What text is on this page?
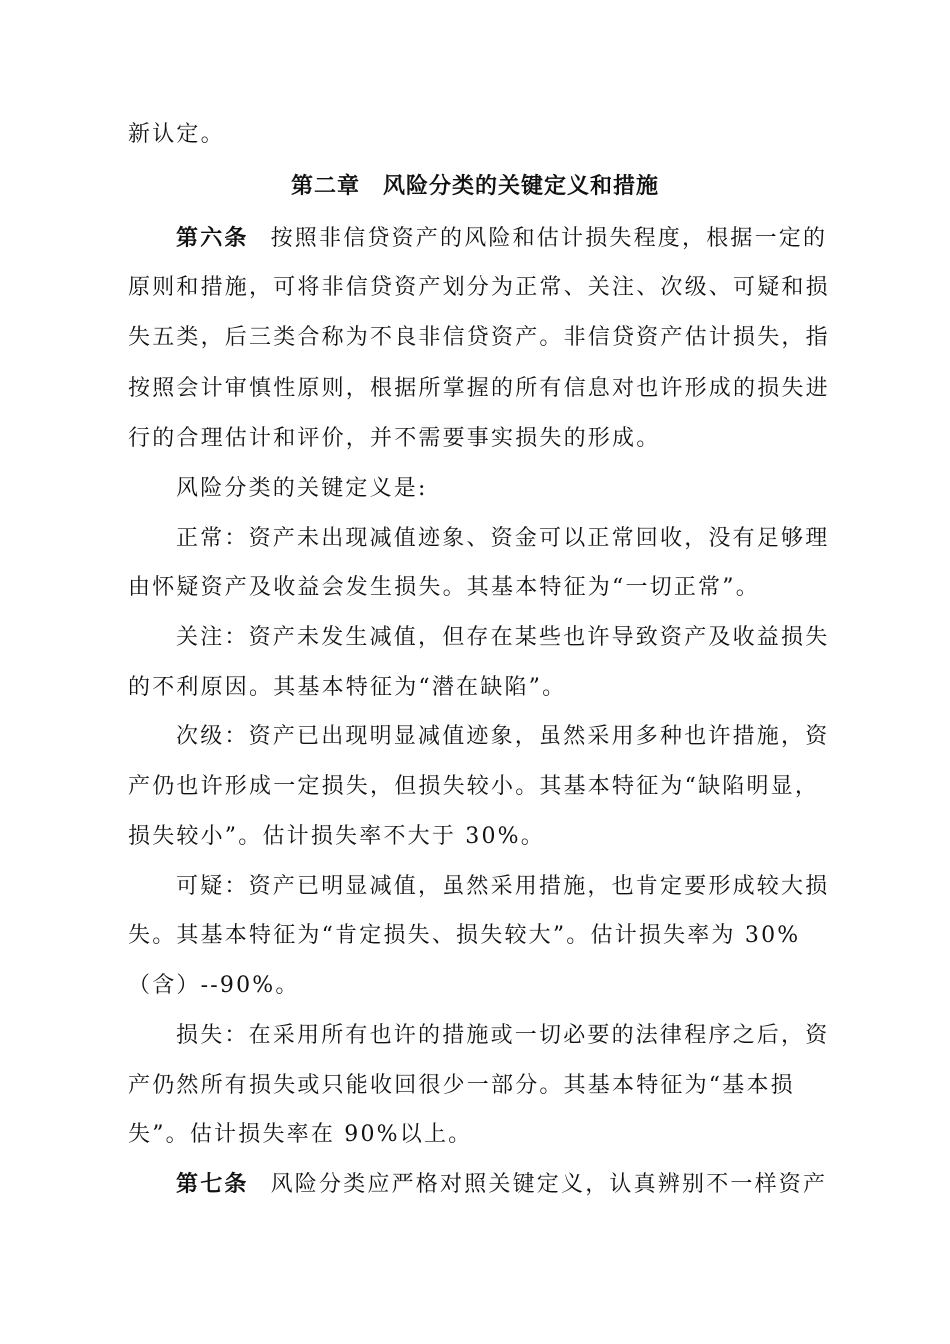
新认定。
第二章　风险分类的关键定义和措施
第六条 按照非信贷资产的风险和估计损失程度，根据一定的
原则和措施，可将非信贷资产划分为正常、关注、次级、可疑和损
失五类，后三类合称为不良非信贷资产。非信贷资产估计损失，指
按照会计审慎性原则，根据所掌握的所有信息对也许形成的损失进
行的合理估计和评价，并不需要事实损失的形成。
风险分类的关键定义是:
正常：资产未出现减值迹象、资金可以正常回收，没有足够理
由怀疑资产及收益会发生损失。其基本特征为“一切正常”。
关注：资产未发生减值，但存在某些也许导致资产及收益损失
的不利原因。其基本特征为“潜在缺陷”。
次级：资产已出现明显减值迹象，虽然采用多种也许措施，资
产仍也许形成一定损失，但损失较小。其基本特征为“缺陷明显，
损失较小”。估计损失率不大于 30%。
可疑：资产已明显减值，虽然采用措施，也肯定要形成较大损
失。其基本特征为“肯定损失、损失较大”。估计损失率为 30%
（含）--90%。
损失：在采用所有也许的措施或一切必要的法律程序之后，资
产仍然所有损失或只能收回很少一部分。其基本特征为“基本损
失”。估计损失率在 90%以上。
第七条 风险分类应严格对照关键定义，认真辨别不一样资产
